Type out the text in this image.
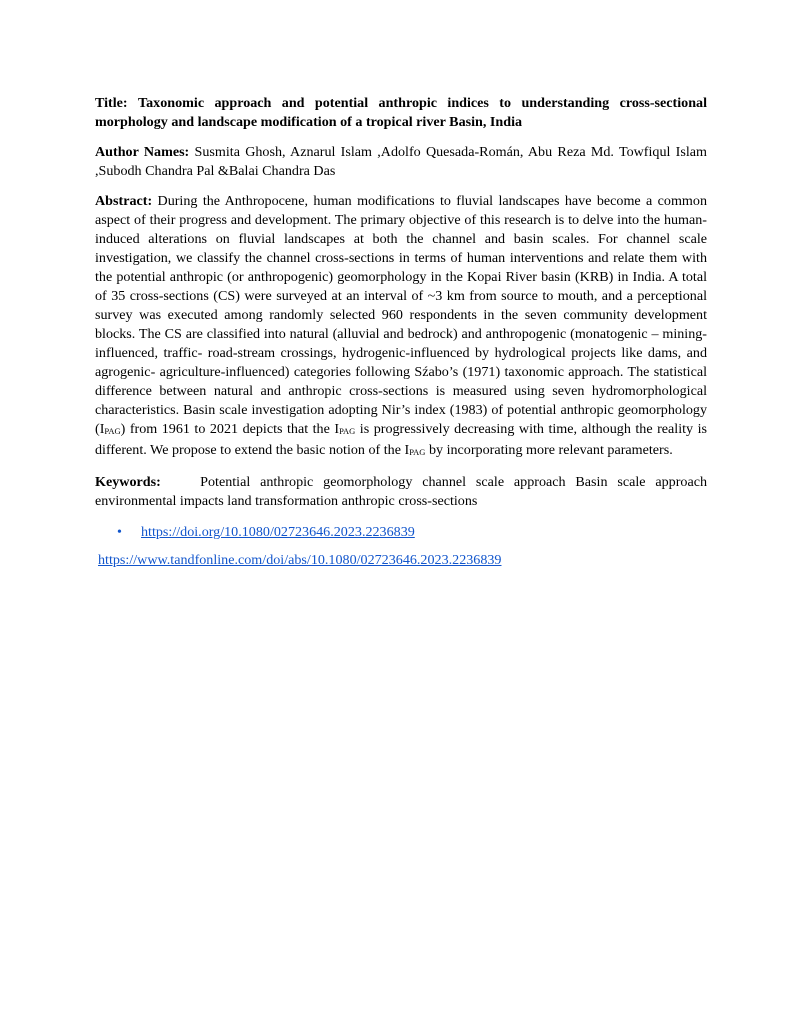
Title: Taxonomic approach and potential anthropic indices to understanding cross-sectional morphology and landscape modification of a tropical river Basin, India

Author Names: Susmita Ghosh, Aznarul Islam ,Adolfo Quesada-Román, Abu Reza Md. Towfiqul Islam ,Subodh Chandra Pal &Balai Chandra Das

Abstract: During the Anthropocene, human modifications to fluvial landscapes have become a common aspect of their progress and development. The primary objective of this research is to delve into the human-induced alterations on fluvial landscapes at both the channel and basin scales. For channel scale investigation, we classify the channel cross-sections in terms of human interventions and relate them with the potential anthropic (or anthropogenic) geomorphology in the Kopai River basin (KRB) in India. A total of 35 cross-sections (CS) were surveyed at an interval of ~3 km from source to mouth, and a perceptional survey was executed among randomly selected 960 respondents in the seven community development blocks. The CS are classified into natural (alluvial and bedrock) and anthropogenic (monatogenic – mining-influenced, traffic- road-stream crossings, hydrogenic-influenced by hydrological projects like dams, and agrogenic- agriculture-influenced) categories following Sźabo’s (1971) taxonomic approach. The statistical difference between natural and anthropic cross-sections is measured using seven hydromorphological characteristics. Basin scale investigation adopting Nir’s index (1983) of potential anthropic geomorphology (IPAG) from 1961 to 2021 depicts that the IPAG is progressively decreasing with time, although the reality is different. We propose to extend the basic notion of the IPAG by incorporating more relevant parameters.

Keywords:	Potential anthropic geomorphology channel scale approach Basin scale approach environmental impacts land transformation anthropic cross-sections

• https://doi.org/10.1080/02723646.2023.2236839
https://www.tandfonline.com/doi/abs/10.1080/02723646.2023.2236839
